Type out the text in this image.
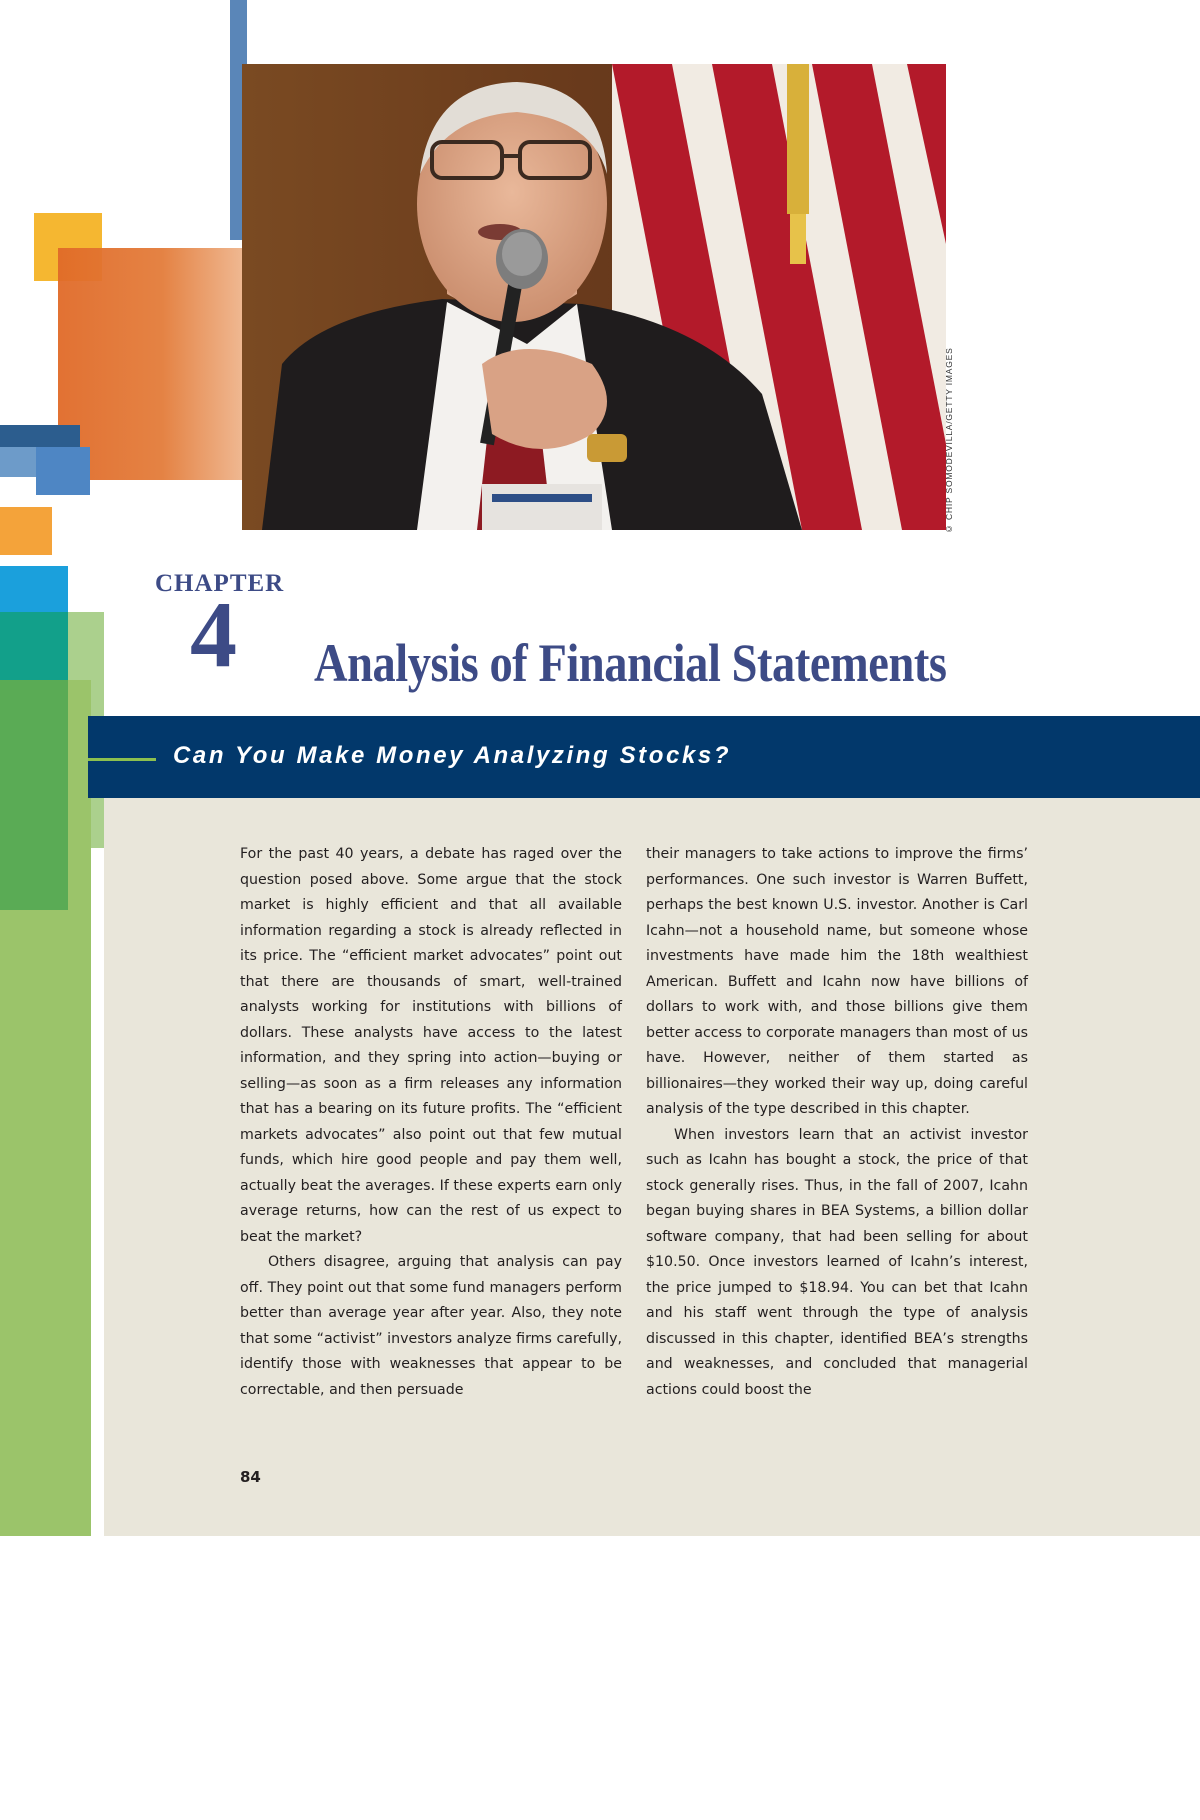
© CHIP SOMODEVILLA/GETTY IMAGES
CHAPTER
4 Analysis of Financial Statements
Can You Make Money Analyzing Stocks?

For the past 40 years, a debate has raged over the question posed above. Some argue that the stock market is highly efficient and that all available information regarding a stock is already reflected in its price. The “efficient market advocates” point out that there are thousands of smart, well-trained analysts working for institutions with billions of dollars. These analysts have access to the latest information, and they spring into action—buying or selling—as soon as a firm releases any information that has a bearing on its future profits. The “efficient markets advocates” also point out that few mutual funds, which hire good people and pay them well, actually beat the averages. If these experts earn only average returns, how can the rest of us expect to beat the market?

Others disagree, arguing that analysis can pay off. They point out that some fund managers perform better than average year after year. Also, they note that some “activist” investors analyze firms carefully, identify those with weaknesses that appear to be correctable, and then persuade

their managers to take actions to improve the firms’ performances. One such investor is Warren Buffett, perhaps the best known U.S. investor. Another is Carl Icahn—not a household name, but someone whose investments have made him the 18th wealthiest American. Buffett and Icahn now have billions of dollars to work with, and those billions give them better access to corporate managers than most of us have. However, neither of them started as billionaires—they worked their way up, doing careful analysis of the type described in this chapter.

When investors learn that an activist investor such as Icahn has bought a stock, the price of that stock generally rises. Thus, in the fall of 2007, Icahn began buying shares in BEA Systems, a billion dollar software company, that had been selling for about $10.50. Once investors learned of Icahn’s interest, the price jumped to $18.94. You can bet that Icahn and his staff went through the type of analysis discussed in this chapter, identified BEA’s strengths and weaknesses, and concluded that managerial actions could boost the

84
